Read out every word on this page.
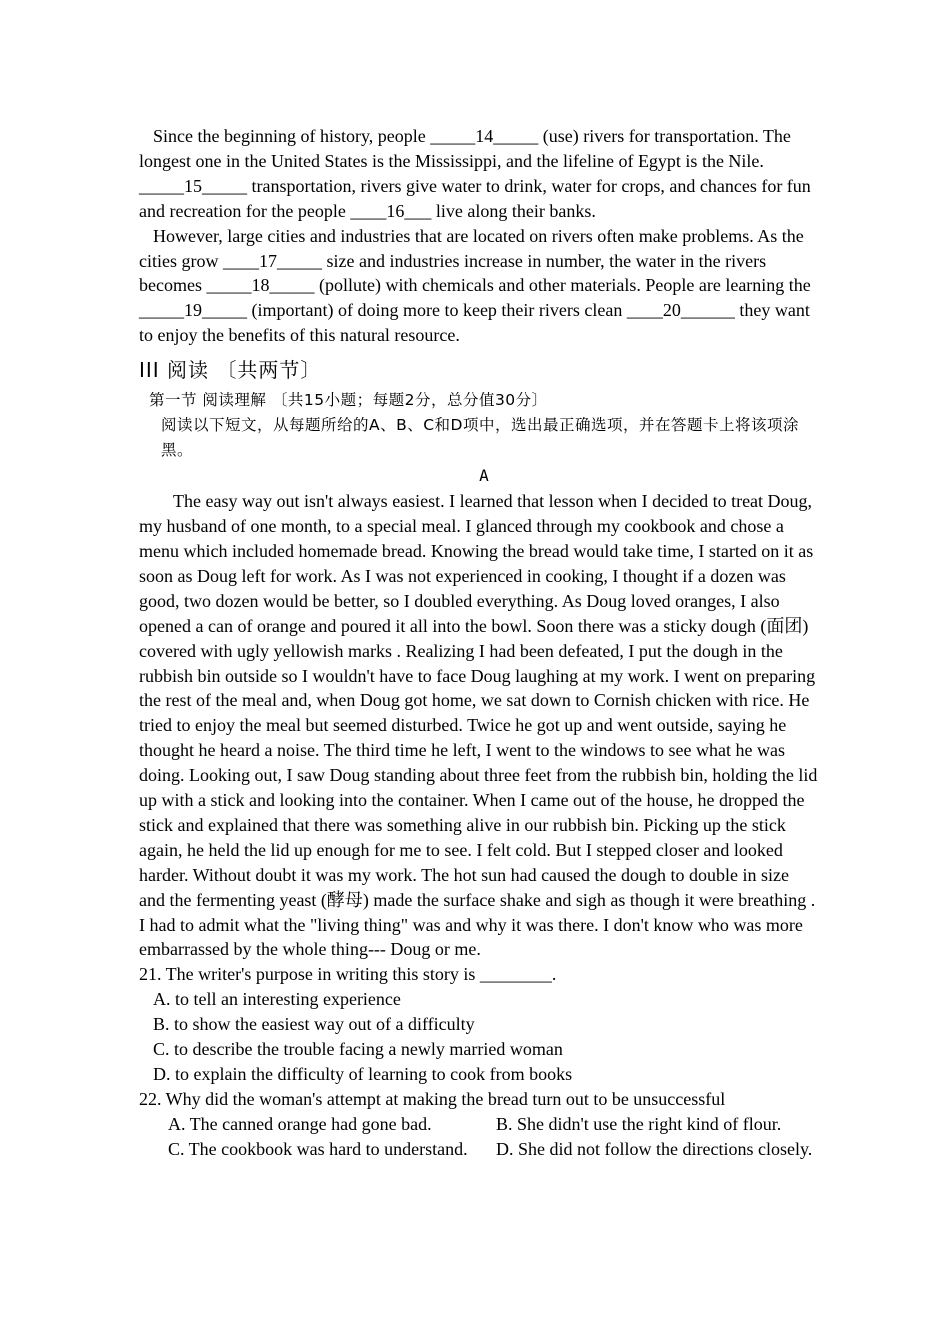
Since the beginning of history, people _____14_____ (use) rivers for transportation. The longest one in the United States is the Mississippi, and the lifeline of Egypt is the Nile. _____15_____ transportation, rivers give water to drink, water for crops, and chances for fun and recreation for the people ____16___ live along their banks.

However, large cities and industries that are located on rivers often make problems. As the cities grow ____17_____ size and industries increase in number, the water in the rivers becomes _____18_____ (pollute) with chemicals and other materials. People are learning the _____19_____ (important) of doing more to keep their rivers clean ____20______ they want to enjoy the benefits of this natural resource.

III 阅读 〔共两节〕
第一节 阅读理解 〔共15小题；每题2分，总分值30分〕
阅读以下短文，从每题所给的A、B、C和D项中，选出最正确选项，并在答题卡上将该项涂黑。
A

The easy way out isn't always easiest. I learned that lesson when I decided to treat Doug, my husband of one month, to a special meal. I glanced through my cookbook and chose a menu which included homemade bread. Knowing the bread would take time, I started on it as soon as Doug left for work. As I was not experienced in cooking, I thought if a dozen was good, two dozen would be better, so I doubled everything. As Doug loved oranges, I also opened a can of orange and poured it all into the bowl. Soon there was a sticky dough (面团) covered with ugly yellowish marks . Realizing I had been defeated, I put the dough in the rubbish bin outside so I wouldn't have to face Doug laughing at my work. I went on preparing the rest of the meal and, when Doug got home, we sat down to Cornish chicken with rice. He tried to enjoy the meal but seemed disturbed. Twice he got up and went outside, saying he thought he heard a noise. The third time he left, I went to the windows to see what he was doing. Looking out, I saw Doug standing about three feet from the rubbish bin, holding the lid up with a stick and looking into the container. When I came out of the house, he dropped the stick and explained that there was something alive in our rubbish bin. Picking up the stick again, he held the lid up enough for me to see. I felt cold. But I stepped closer and looked harder. Without doubt it was my work. The hot sun had caused the dough to double in size and the fermenting yeast (酵母) made the surface shake and sigh as though it were breathing . I had to admit what the "living thing" was and why it was there. I don't know who was more embarrassed by the whole thing--- Doug or me.

21. The writer's purpose in writing this story is ________.

A. to tell an interesting experience

B. to show the easiest way out of a difficulty

C. to describe the trouble facing a newly married woman

D. to explain the difficulty of learning to cook from books

22. Why did the woman's attempt at making the bread turn out to be unsuccessful

A. The canned orange had gone bad.	B. She didn't use the right kind of flour.
C. The cookbook was hard to understand.	D. She did not follow the directions closely.
